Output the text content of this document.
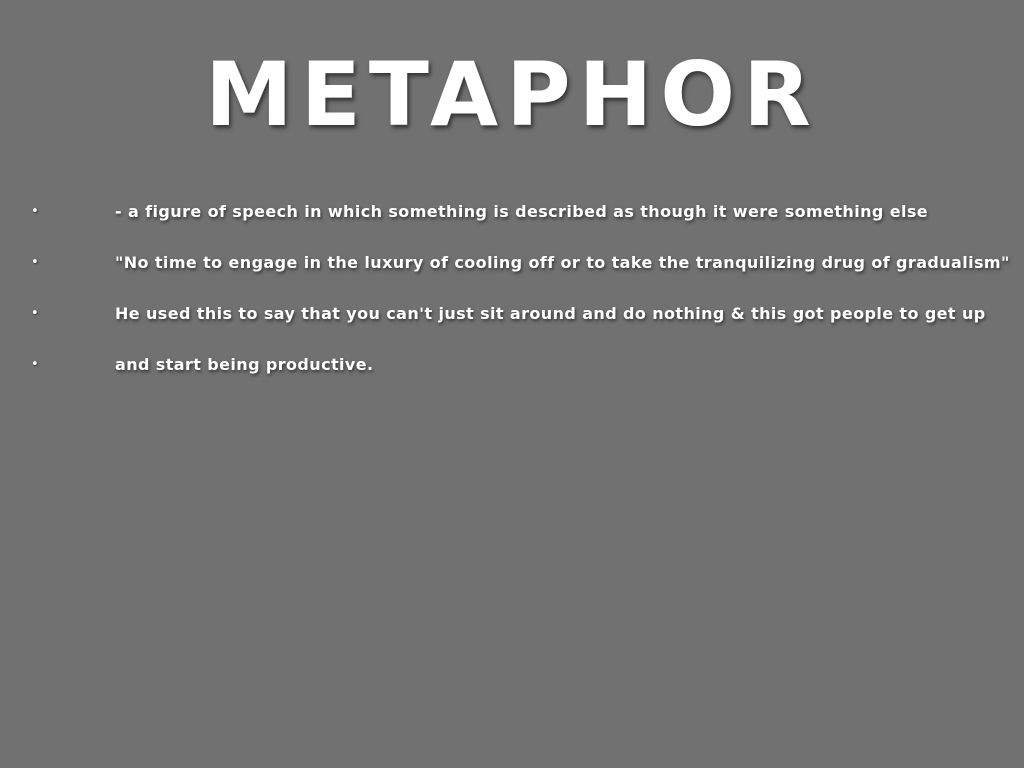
METAPHOR
•	- a figure of speech in which something is described as though it were something else
•	"No time to engage in the luxury of cooling off or to take the tranquilizing drug of gradualism"
•	He used this to say that you can't just sit around and do nothing & this got people to get up
•	and start being productive.
